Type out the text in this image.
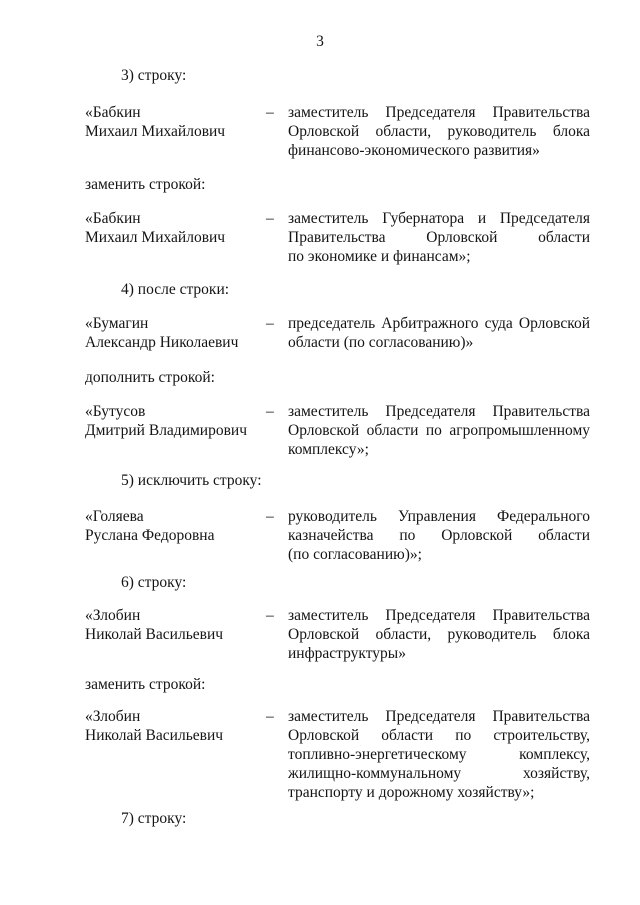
3
3) строку:
«Бабкин
Михаил Михайлович
– заместитель Председателя Правительства
Орловской области, руководитель блока
финансово-экономического развития»
заменить строкой:
«Бабкин
Михаил Михайлович
– заместитель Губернатора и Председателя
Правительства Орловской области
по экономике и финансам»;
4) после строки:
«Бумагин
Александр Николаевич
– председатель Арбитражного суда Орловской
области (по согласованию)»
дополнить строкой:
«Бутусов
Дмитрий Владимирович
– заместитель Председателя Правительства
Орловской области по агропромышленному
комплексу»;
5) исключить строку:
«Голяева
Руслана Федоровна
– руководитель Управления Федерального
казначейства по Орловской области
(по согласованию)»;
6) строку:
«Злобин
Николай Васильевич
– заместитель Председателя Правительства
Орловской области, руководитель блока
инфраструктуры»
заменить строкой:
«Злобин
Николай Васильевич
– заместитель Председателя Правительства
Орловской области по строительству,
топливно-энергетическому комплексу,
жилищно-коммунальному хозяйству,
транспорту и дорожному хозяйству»;
7) строку:
